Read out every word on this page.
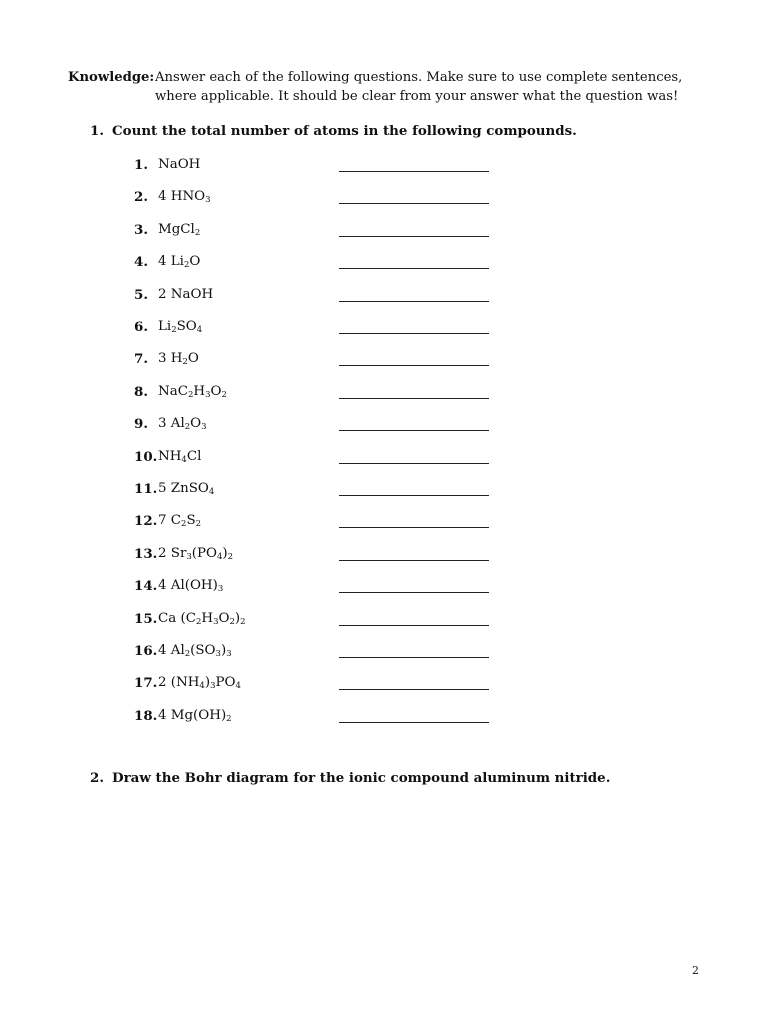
Knowledge: Answer each of the following questions. Make sure to use complete sentences, where applicable. It should be clear from your answer what the question was!
1. Count the total number of atoms in the following compounds.
1. NaOH
2. 4 $HNO_3$
3. MgCl$_2$
4. 4 $Li_2O$
5. 2 NaOH
6. $Li_2SO_4$
7. 3 $H_2O$
8. $NaC_2H_3O_2$
9. 3 $Al_2O_3$
10. $NH_4Cl$
11. 5 ZnSO$_4$
12. 7 $C_2S_2$
13. 2 $Sr_3(PO_4)_2$
14. 4 $Al(OH)_3$
15. Ca $(C_2H_3O_2)_2$
16. 4 $Al_2(SO_3)_3$
17. 2 $(NH_4)_3PO_4$
18. 4 $Mg(OH)_2$
2. Draw the Bohr diagram for the ionic compound aluminum nitride.
2
